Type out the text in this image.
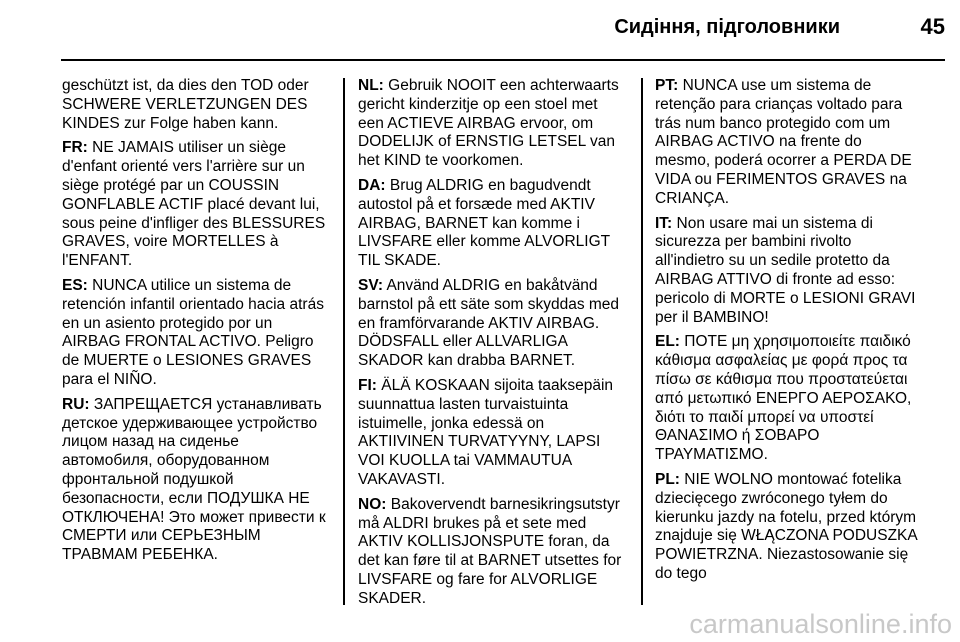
Сидіння, підголовники	45

geschützt ist, da dies den TOD oder SCHWERE VERLETZUNGEN DES KINDES zur Folge haben kann.

FR: NE JAMAIS utiliser un siège d'enfant orienté vers l'arrière sur un siège protégé par un COUSSIN GONFLABLE ACTIF placé devant lui, sous peine d'infliger des BLESSURES GRAVES, voire MORTELLES à l'ENFANT.

ES: NUNCA utilice un sistema de retención infantil orientado hacia atrás en un asiento protegido por un AIRBAG FRONTAL ACTIVO. Peligro de MUERTE o LESIONES GRAVES para el NIÑO.

RU: ЗАПРЕЩАЕТСЯ устанавливать детское удерживающее устройство лицом назад на сиденье автомобиля, оборудованном фронтальной подушкой безопасности, если ПОДУШКА НЕ ОТКЛЮЧЕНА! Это может привести к СМЕРТИ или СЕРЬЕЗНЫМ ТРАВМАМ РЕБЕНКА.

NL: Gebruik NOOIT een achterwaarts gericht kinderzitje op een stoel met een ACTIEVE AIRBAG ervoor, om DODELIJK of ERNSTIG LETSEL van het KIND te voorkomen.

DA: Brug ALDRIG en bagudvendt autostol på et forsæde med AKTIV AIRBAG, BARNET kan komme i LIVSFARE eller komme ALVORLIGT TIL SKADE.

SV: Använd ALDRIG en bakåtvänd barnstol på ett säte som skyddas med en framförvarande AKTIV AIRBAG. DÖDSFALL eller ALLVARLIGA SKADOR kan drabba BARNET.

FI: ÄLÄ KOSKAAN sijoita taaksepäin suunnattua lasten turvaistuinta istuimelle, jonka edessä on AKTIIVINEN TURVATYYNY, LAPSI VOI KUOLLA tai VAMMAUTUA VAKAVASTI.

NO: Bakovervendt barnesikringsutstyr må ALDRI brukes på et sete med AKTIV KOLLISJONSPUTE foran, da det kan føre til at BARNET utsettes for LIVSFARE og fare for ALVORLIGE SKADER.

PT: NUNCA use um sistema de retenção para crianças voltado para trás num banco protegido com um AIRBAG ACTIVO na frente do mesmo, poderá ocorrer a PERDA DE VIDA ou FERIMENTOS GRAVES na CRIANÇA.

IT: Non usare mai un sistema di sicurezza per bambini rivolto all'indietro su un sedile protetto da AIRBAG ATTIVO di fronte ad esso: pericolo di MORTE o LESIONI GRAVI per il BAMBINO!

EL: ΠΟΤΕ μη χρησιμοποιείτε παιδικό κάθισμα ασφαλείας με φορά προς τα πίσω σε κάθισμα που προστατεύεται από μετωπικό ΕΝΕΡΓΟ ΑΕΡΟΣΑΚΟ, διότι το παιδί μπορεί να υποστεί ΘΑΝΑΣΙΜΟ ή ΣΟΒΑΡΟ ΤΡΑΥΜΑΤΙΣΜΟ.

PL: NIE WOLNO montować fotelika dziecięcego zwróconego tyłem do kierunku jazdy na fotelu, przed którym znajduje się WŁĄCZONA PODUSZKA POWIETRZNA. Niezastosowanie się do tego

carmanualsonline.info
